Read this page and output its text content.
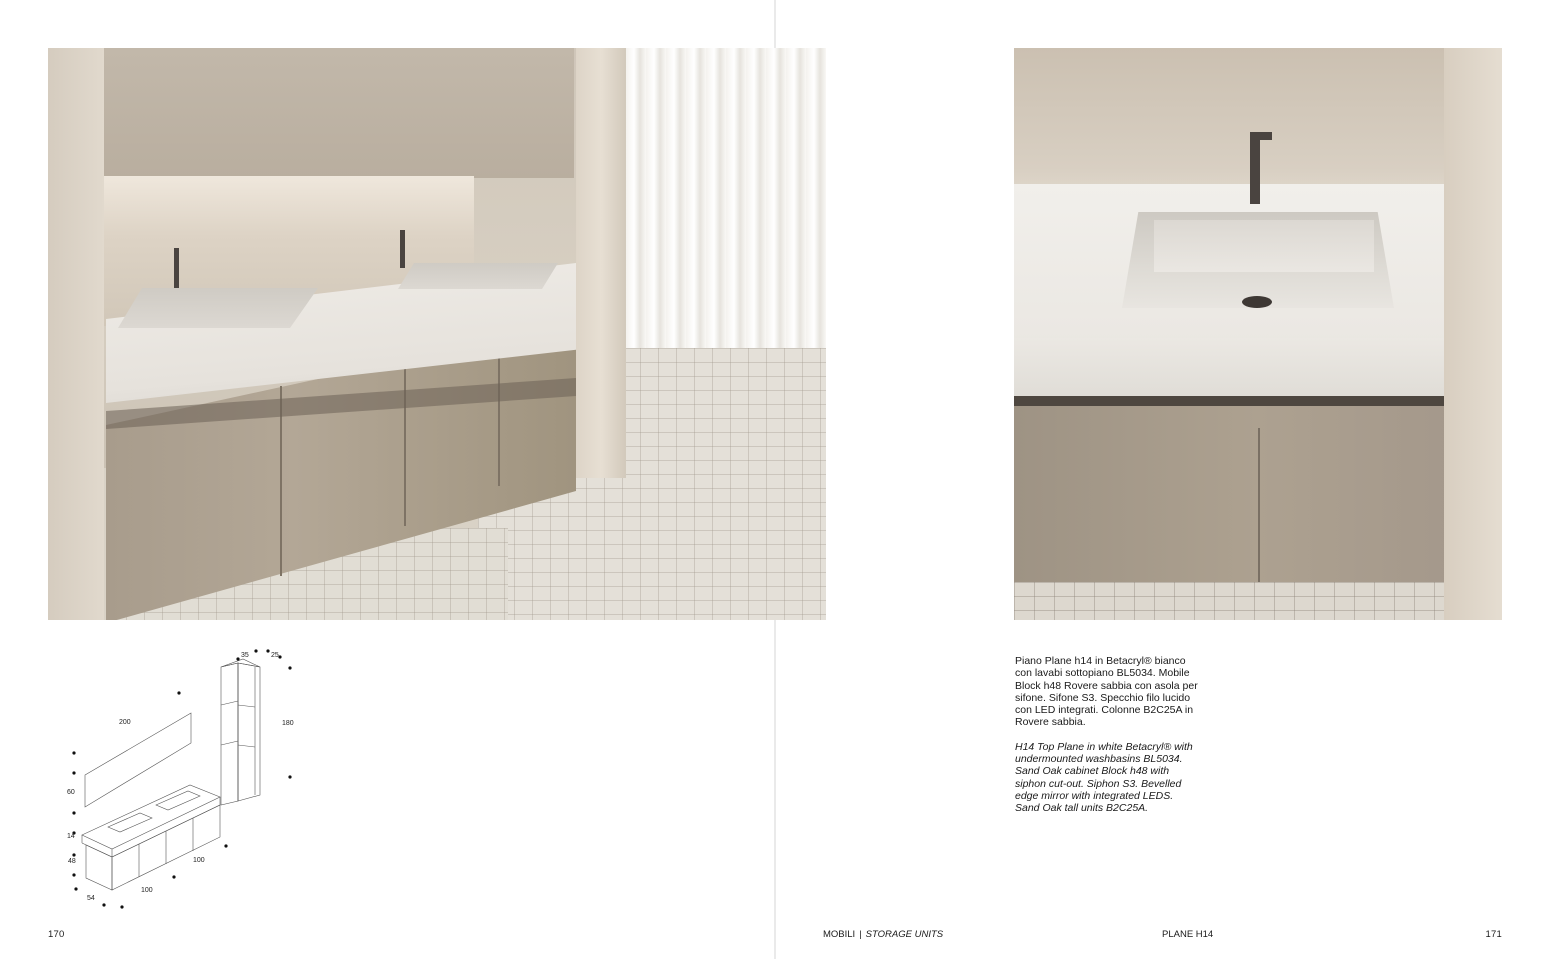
35	25
180
200
60
14
48
54
100
100

Piano Plane h14 in Betacryl® bianco con lavabi sottopiano BL5034. Mobile Block h48 Rovere sabbia con asola per sifone. Sifone S3. Specchio filo lucido con LED integrati. Colonne B2C25A in Rovere sabbia.

H14 Top Plane in white Betacryl® with undermounted washbasins BL5034. Sand Oak cabinet Block h48 with siphon cut-out. Siphon S3. Bevelled edge mirror with integrated LEDS. Sand Oak tall units B2C25A.

170	MOBILI | STORAGE UNITS	PLANE H14	171
